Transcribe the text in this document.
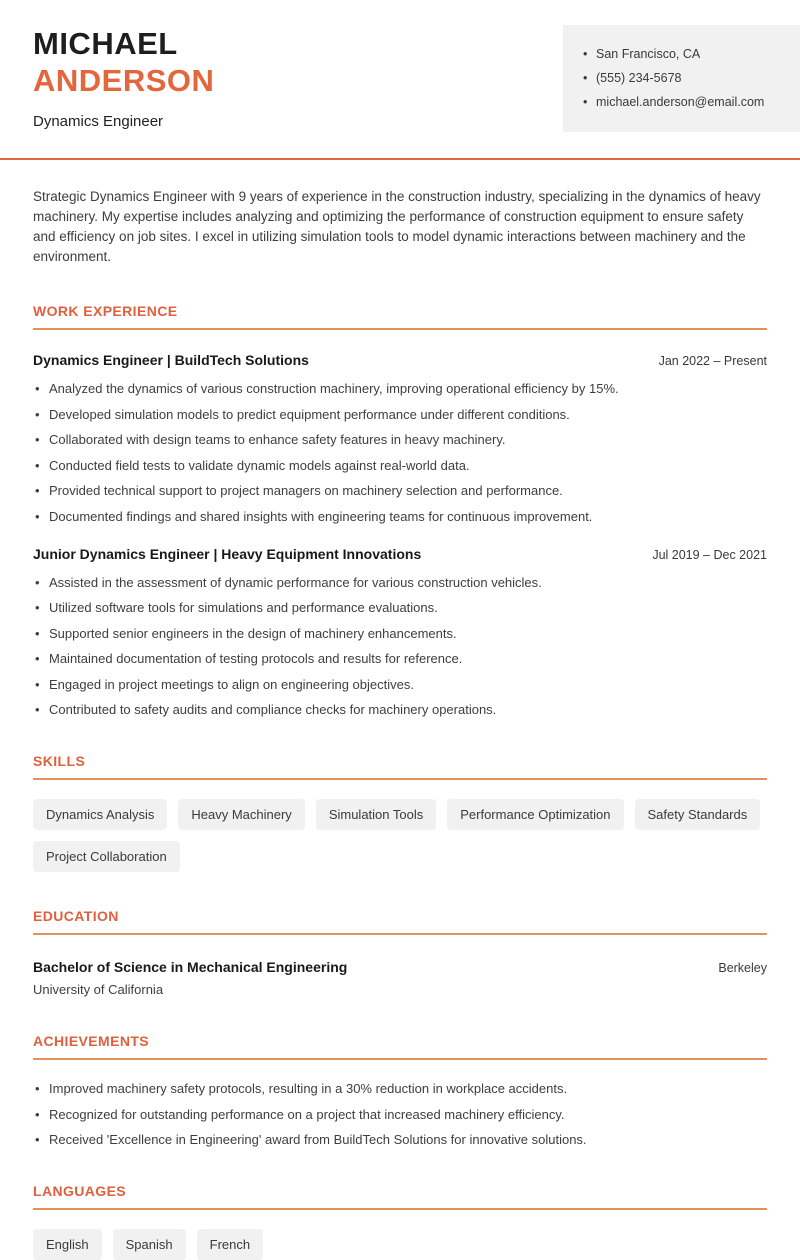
MICHAEL
ANDERSON
Dynamics Engineer
• San Francisco, CA
• (555) 234-5678
• michael.anderson@email.com

Strategic Dynamics Engineer with 9 years of experience in the construction industry, specializing in the dynamics of heavy machinery. My expertise includes analyzing and optimizing the performance of construction equipment to ensure safety and efficiency on job sites. I excel in utilizing simulation tools to model dynamic interactions between machinery and the environment.

WORK EXPERIENCE
Dynamics Engineer | BuildTech Solutions	Jan 2022 – Present
• Analyzed the dynamics of various construction machinery, improving operational efficiency by 15%.
• Developed simulation models to predict equipment performance under different conditions.
• Collaborated with design teams to enhance safety features in heavy machinery.
• Conducted field tests to validate dynamic models against real-world data.
• Provided technical support to project managers on machinery selection and performance.
• Documented findings and shared insights with engineering teams for continuous improvement.
Junior Dynamics Engineer | Heavy Equipment Innovations	Jul 2019 – Dec 2021
• Assisted in the assessment of dynamic performance for various construction vehicles.
• Utilized software tools for simulations and performance evaluations.
• Supported senior engineers in the design of machinery enhancements.
• Maintained documentation of testing protocols and results for reference.
• Engaged in project meetings to align on engineering objectives.
• Contributed to safety audits and compliance checks for machinery operations.
SKILLS
Dynamics Analysis	Heavy Machinery	Simulation Tools	Performance Optimization	Safety Standards
Project Collaboration
EDUCATION
Bachelor of Science in Mechanical Engineering	Berkeley
University of California
ACHIEVEMENTS
• Improved machinery safety protocols, resulting in a 30% reduction in workplace accidents.
• Recognized for outstanding performance on a project that increased machinery efficiency.
• Received 'Excellence in Engineering' award from BuildTech Solutions for innovative solutions.
LANGUAGES
English	Spanish	French
